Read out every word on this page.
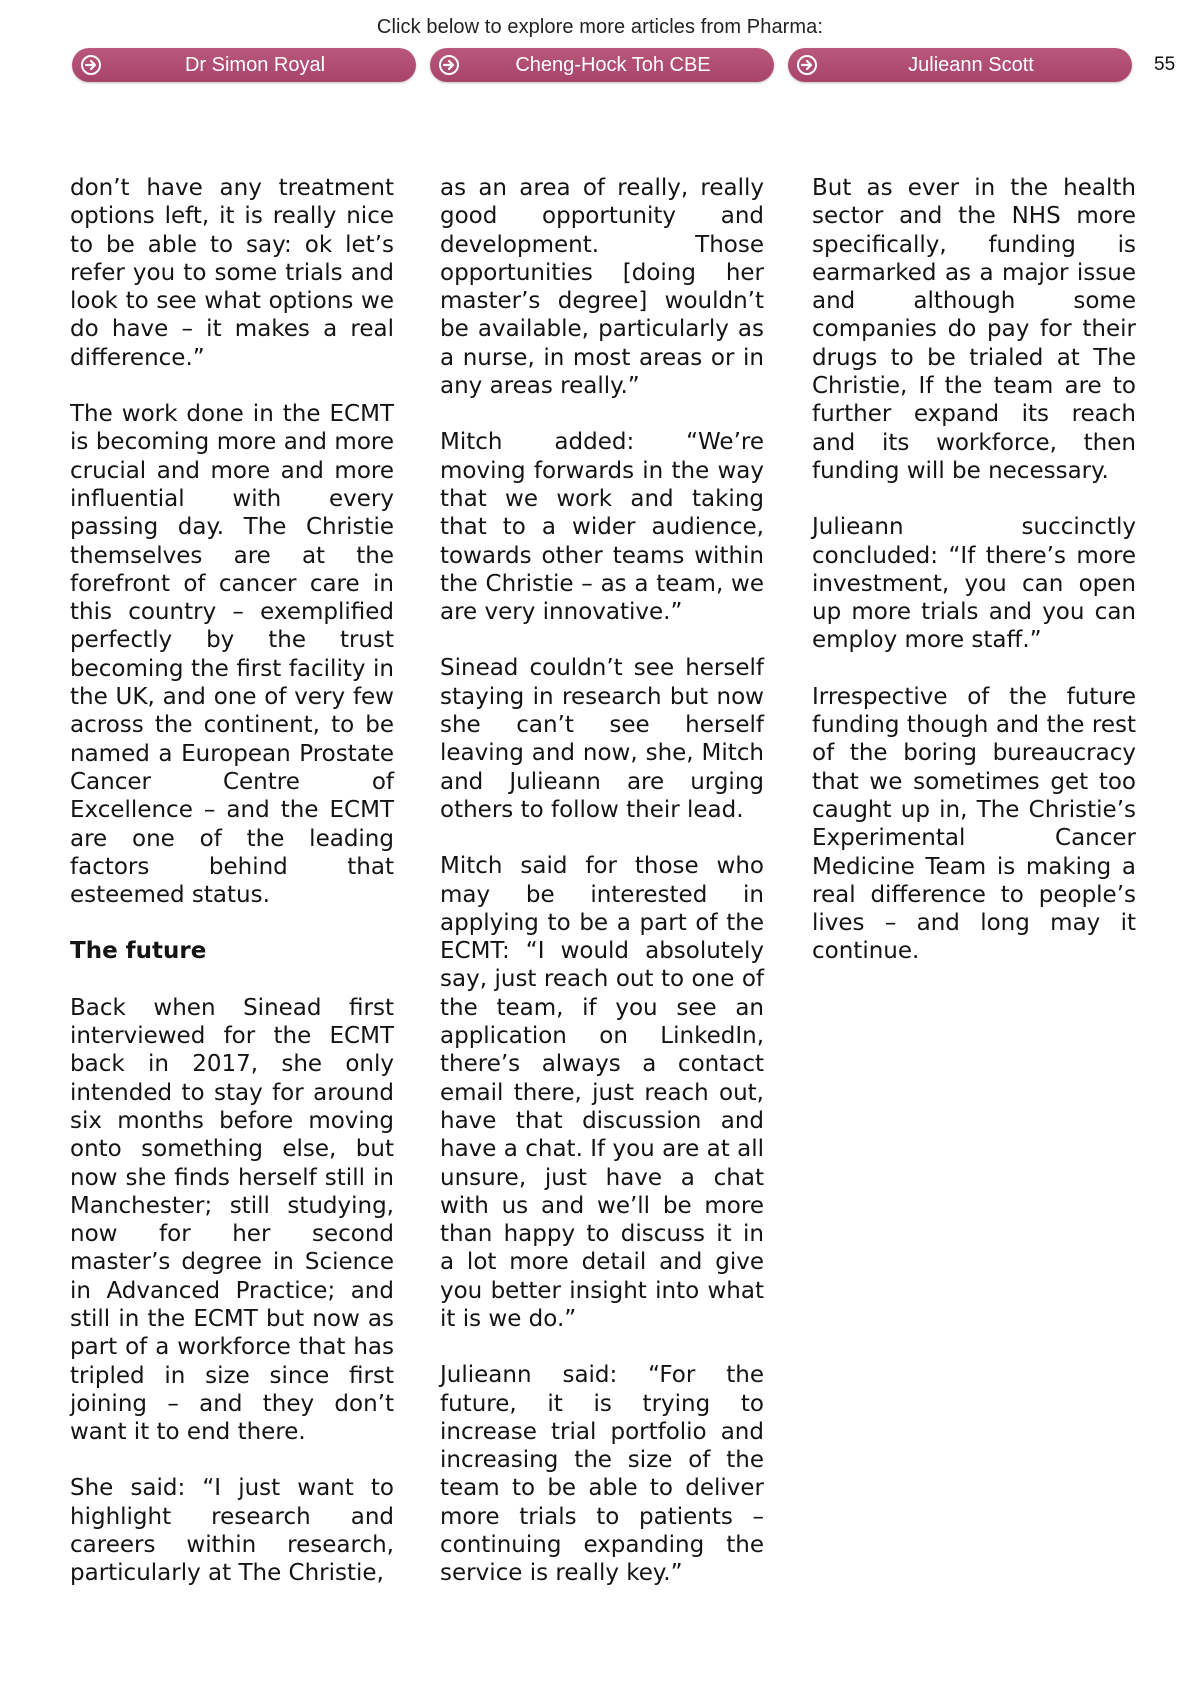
Click below to explore more articles from Pharma:
Dr Simon Royal	Cheng-Hock Toh CBE	Julieann Scott	55

don’t have any treatment options left, it is really nice to be able to say: ok let’s refer you to some trials and look to see what options we do have – it makes a real difference.”

The work done in the ECMT is becoming more and more crucial and more and more influential with every passing day. The Christie themselves are at the forefront of cancer care in this country – exemplified perfectly by the trust becoming the first facility in the UK, and one of very few across the continent, to be named a European Prostate Cancer Centre of Excellence – and the ECMT are one of the leading factors behind that esteemed status.

The future

Back when Sinead first interviewed for the ECMT back in 2017, she only intended to stay for around six months before moving onto something else, but now she finds herself still in Manchester; still studying, now for her second master’s degree in Science in Advanced Practice; and still in the ECMT but now as part of a workforce that has tripled in size since first joining – and they don’t want it to end there.

She said: “I just want to highlight research and careers within research, particularly at The Christie,

as an area of really, really good opportunity and development. Those opportunities [doing her master’s degree] wouldn’t be available, particularly as a nurse, in most areas or in any areas really.”

Mitch added: “We’re moving forwards in the way that we work and taking that to a wider audience, towards other teams within the Christie – as a team, we are very innovative.”

Sinead couldn’t see herself staying in research but now she can’t see herself leaving and now, she, Mitch and Julieann are urging others to follow their lead.

Mitch said for those who may be interested in applying to be a part of the ECMT: “I would absolutely say, just reach out to one of the team, if you see an application on LinkedIn, there’s always a contact email there, just reach out, have that discussion and have a chat. If you are at all unsure, just have a chat with us and we’ll be more than happy to discuss it in a lot more detail and give you better insight into what it is we do.”

Julieann said: “For the future, it is trying to increase trial portfolio and increasing the size of the team to be able to deliver more trials to patients – continuing expanding the service is really key.”

But as ever in the health sector and the NHS more specifically, funding is earmarked as a major issue and although some companies do pay for their drugs to be trialed at The Christie, If the team are to further expand its reach and its workforce, then funding will be necessary.

Julieann succinctly concluded: “If there’s more investment, you can open up more trials and you can employ more staff.”

Irrespective of the future funding though and the rest of the boring bureaucracy that we sometimes get too caught up in, The Christie’s Experimental Cancer Medicine Team is making a real difference to people’s lives – and long may it continue.
